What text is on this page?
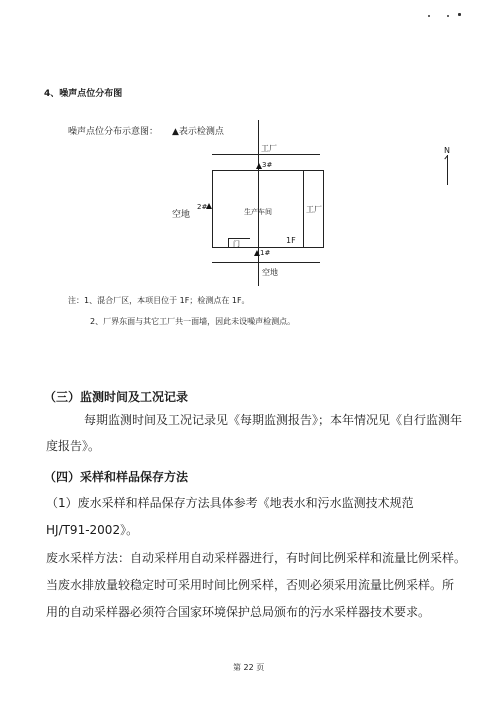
4、噪声点位分布图
噪声点位分布示意图： ▲表示检测点
工厂
工厂
生产车间
3#
2#
空地
门	1F
1#
空地
N
注：1、混合厂区，本项目位于 1F；检测点在 1F。
2、厂界东面与其它工厂共一面墙，因此未设噪声检测点。
（三）监测时间及工况记录
每期监测时间及工况记录见《每期监测报告》；本年情况见《自行监测年
度报告》。
（四）采样和样品保存方法
（1）废水采样和样品保存方法具体参考《地表水和污水监测技术规范
HJ/T91-2002》。
废水采样方法：自动采样用自动采样器进行，有时间比例采样和流量比例采样。
当废水排放量较稳定时可采用时间比例采样，否则必须采用流量比例采样。所
用的自动采样器必须符合国家环境保护总局颁布的污水采样器技术要求。
第 22 页
